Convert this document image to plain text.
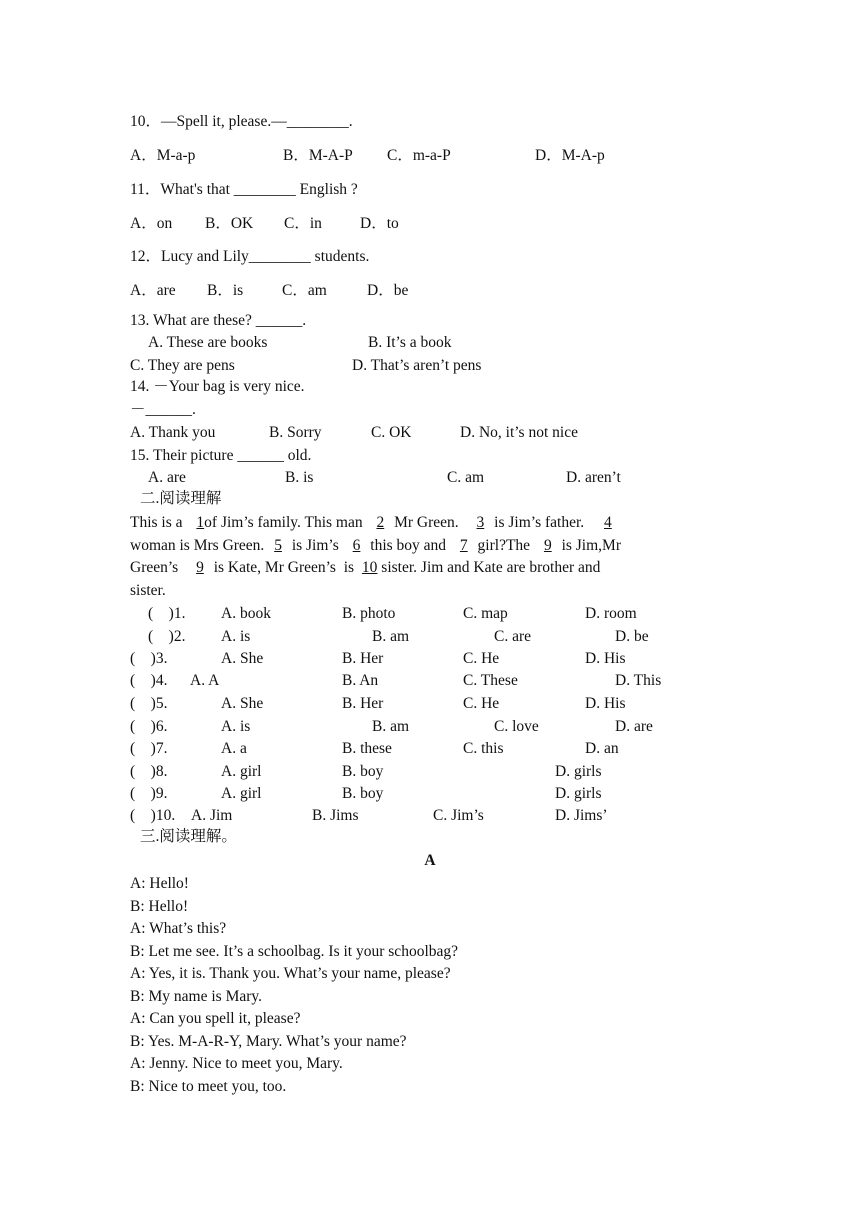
10．—Spell it, please.—________.
A．M-a-p	B．M-A-P C．m-a-P	D．M-A-p
11．What's that ________ English ?
A．on B．OK C．in D．to
12．Lucy and Lily________ students.
A．are B．is	C．am	D．be
13. What are these? ______.
A. These are books	B. It’s a book
C. They are pens	D. That’s aren’t pens
14. －Your bag is very nice.
－______.
A. Thank you	B. Sorry	C. OK	D. No, it’s not nice
15. Their picture ______ old.
A. are	B. is	C. am	D. aren’t
二.阅读理解
This is a 1of Jim’s family. This man 2 Mr Green. 3 is Jim’s father. 4
woman is Mrs Green. 5 is Jim’s 6 this boy and 7 girl?The 9 is Jim,Mr
Green’s 9 is Kate, Mr Green’s  is 10 sister. Jim and Kate are brother and
sister.
(    )1. A. book	B. photo	C. map	D. room
(    )2. A. is	B. am	C. are	D. be
(    )3.	A. She	B. Her	C. He	D. His
(    )4. A. A	B. An	C. These	D. This
(    )5.	A. She	B. Her	C. He	D. His
(    )6.	A. is	B. am	C. love	D. are
(    )7.	A. a	B. these	C. this	D. an
(    )8.	A. girl	B. boy	D. girls
(    )9.	A. girl	B. boy	D. girls
(    )10. A. Jim	B. Jims	C. Jim’s	D. Jims’
三.阅读理解。
A
A: Hello!
B: Hello!
A: What’s this?
B: Let me see. It’s a schoolbag. Is it your schoolbag?
A: Yes, it is. Thank you. What’s your name, please?
B: My name is Mary.
A: Can you spell it, please?
B: Yes. M-A-R-Y, Mary. What’s your name?
A: Jenny. Nice to meet you, Mary.
B: Nice to meet you, too.
